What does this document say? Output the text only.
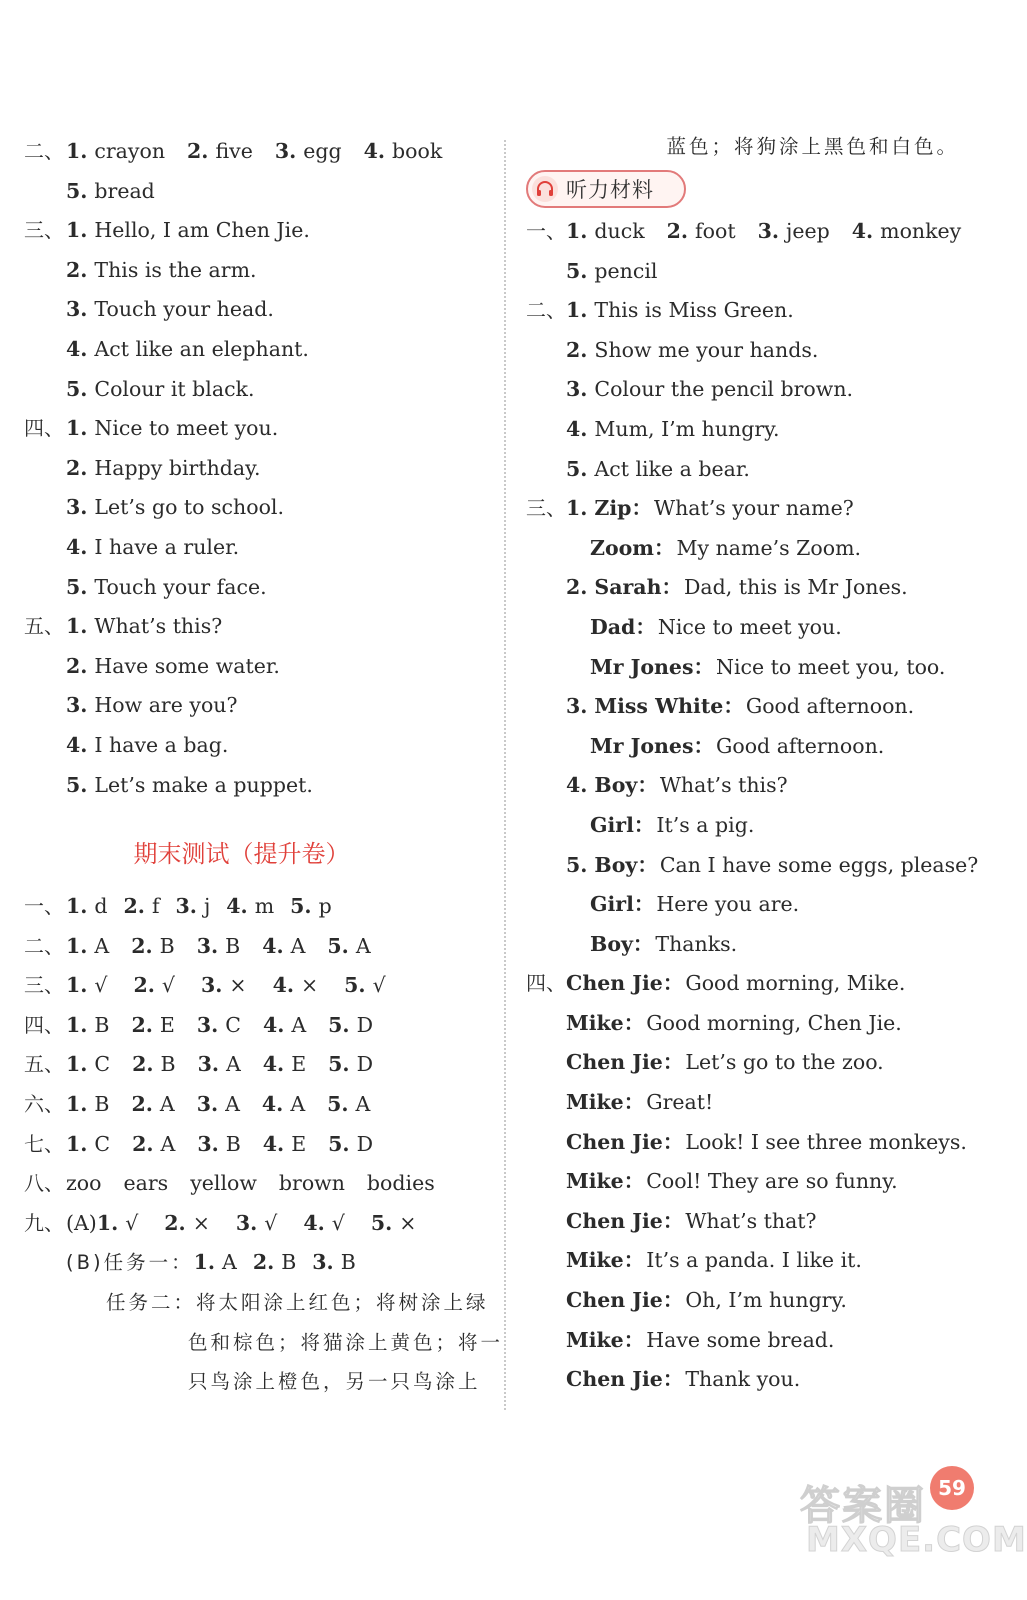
二、 1. crayon 2. five 3. egg 4. book
5. bread
三、 1. Hello, I am Chen Jie.
2. This is the arm.
3. Touch your head.
4. Act like an elephant.
5. Colour it black.
四、 1. Nice to meet you.
2. Happy birthday.
3. Let’s go to school.
4. I have a ruler.
5. Touch your face.
五、 1. What’s this?
2. Have some water.
3. How are you?
4. I have a bag.
5. Let’s make a puppet.
期末测试（提升卷）
一、 1. d 2. f 3. j 4. m 5. p
二、 1. A 2. B 3. B 4. A 5. A
三、 1. √ 2. √ 3. × 4. × 5. √
四、 1. B 2. E 3. C 4. A 5. D
五、 1. C 2. B 3. A 4. E 5. D
六、 1. B 2. A 3. A 4. A 5. A
七、 1. C 2. A 3. B 4. E 5. D
八、 zoo ears yellow brown bodies
九、 (A) 1. √ 2. × 3. √ 4. √ 5. ×
(B)任务一： 1. A 2. B 3. B
任务二：将太阳涂上红色；将树涂上绿
色和棕色；将猫涂上黄色；将一
只鸟涂上橙色，另一只鸟涂上
蓝色；将狗涂上黑色和白色。
听力材料
一、 1. duck 2. foot 3. jeep 4. monkey
5. pencil
二、 1. This is Miss Green.
2. Show me your hands.
3. Colour the pencil brown.
4. Mum, I’m hungry.
5. Act like a bear.
三、 1. Zip： What’s your name?
Zoom： My name’s Zoom.
2. Sarah： Dad, this is Mr Jones.
Dad： Nice to meet you.
Mr Jones： Nice to meet you, too.
3. Miss White： Good afternoon.
Mr Jones： Good afternoon.
4. Boy： What’s this?
Girl： It’s a pig.
5. Boy： Can I have some eggs, please?
Girl： Here you are.
Boy： Thanks.
四、 Chen Jie： Good morning, Mike.
Mike： Good morning, Chen Jie.
Chen Jie： Let’s go to the zoo.
Mike： Great!
Chen Jie： Look! I see three monkeys.
Mike： Cool! They are so funny.
Chen Jie： What’s that?
Mike： It’s a panda. I like it.
Chen Jie： Oh, I’m hungry.
Mike： Have some bread.
Chen Jie： Thank you.
答案圈
MXQE.COM
59
